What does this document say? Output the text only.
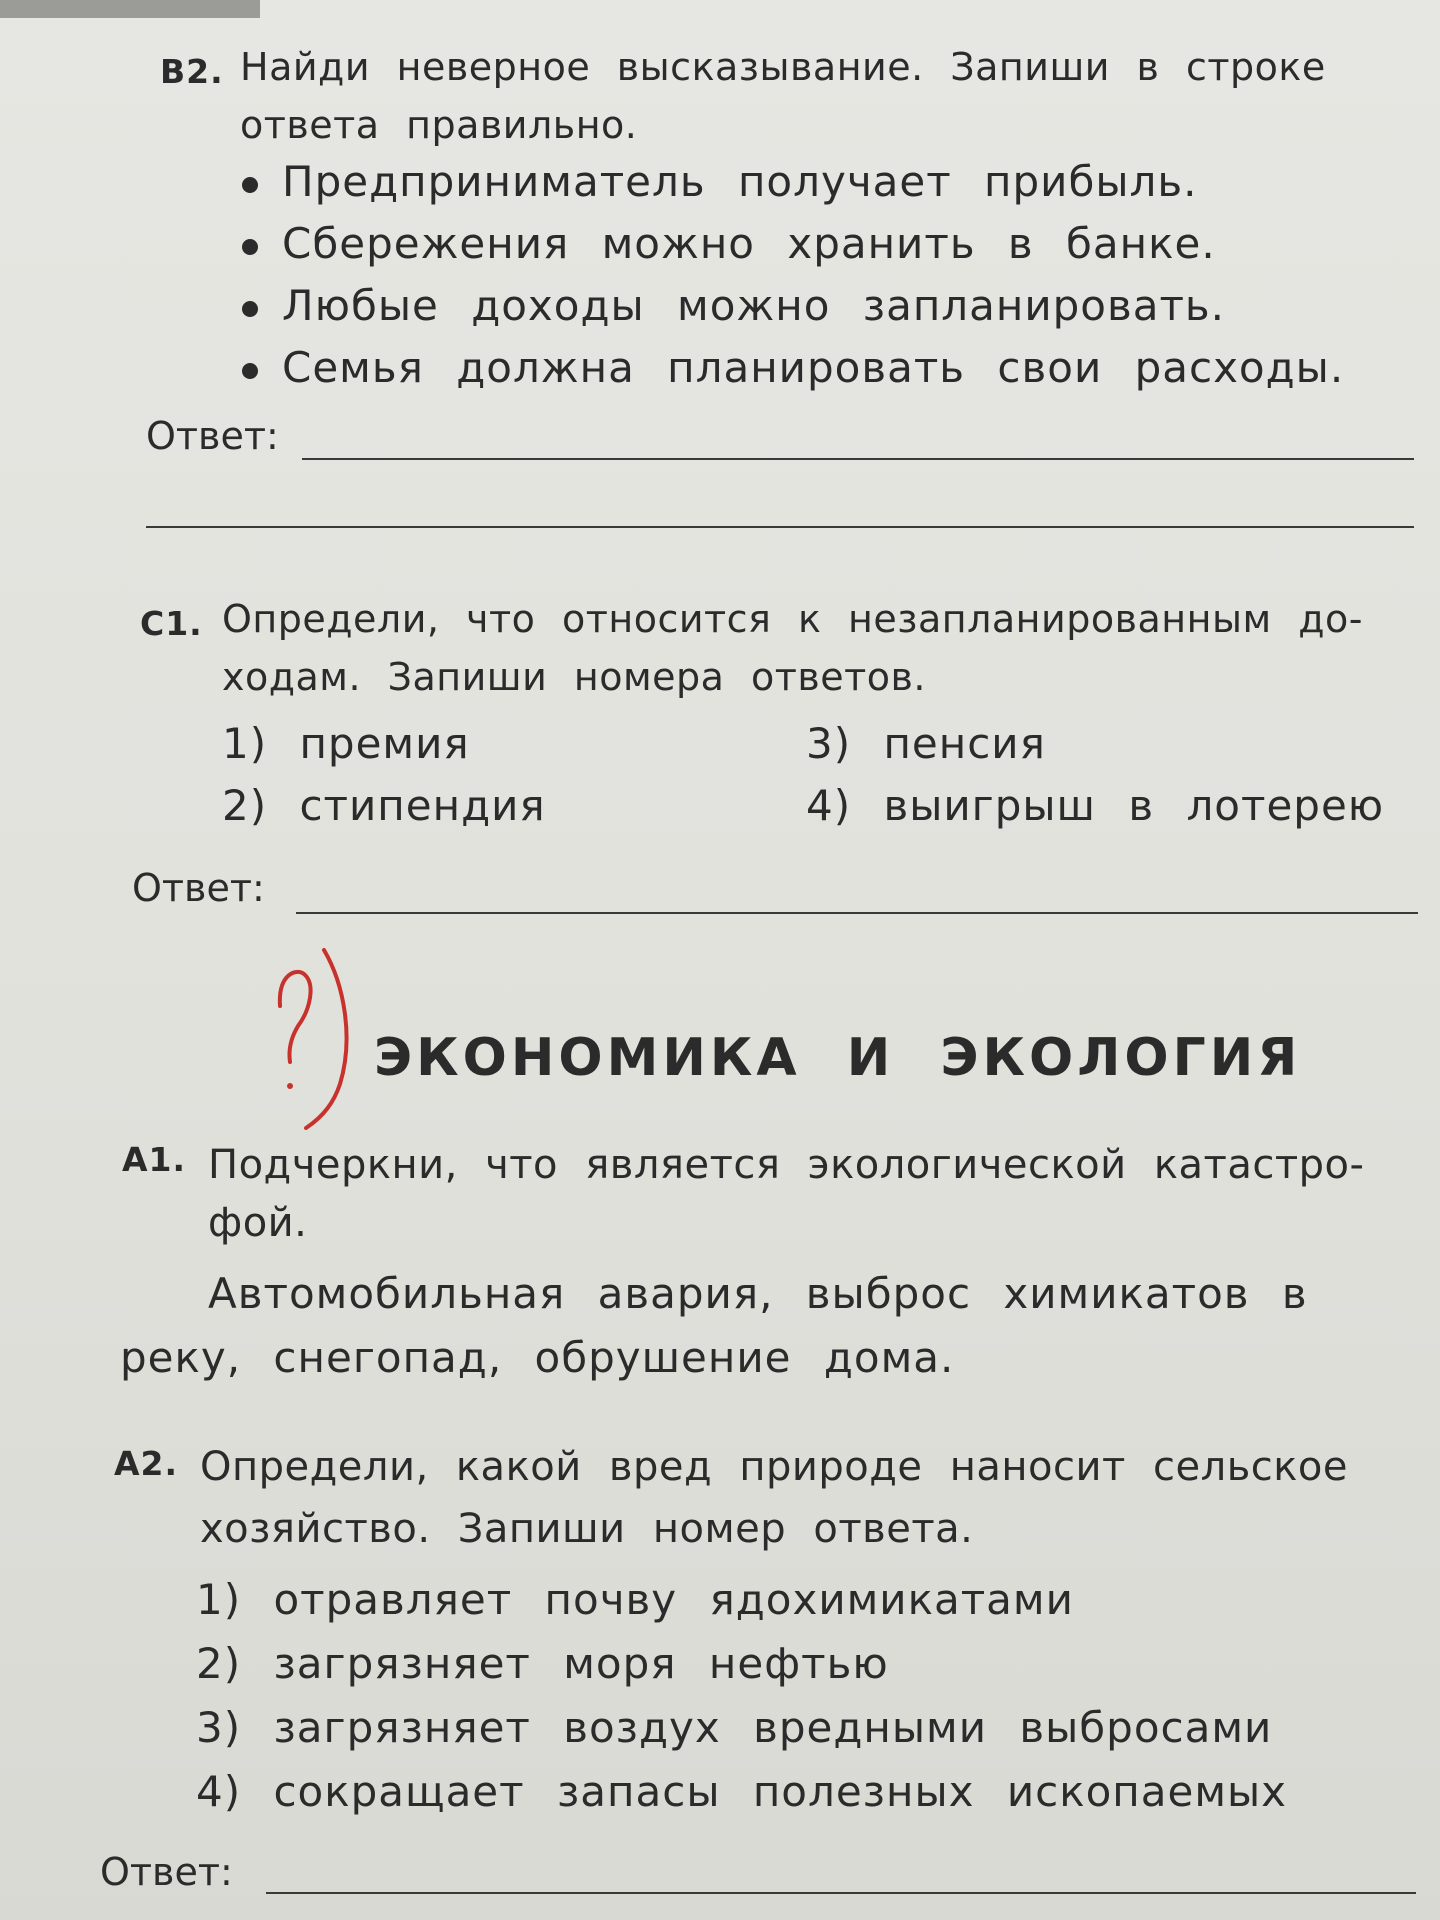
В2. Найди неверное высказывание. Запиши в строке
ответа правильно.
Предприниматель получает прибыль.
Сбережения можно хранить в банке.
Любые доходы можно запланировать.
Семья должна планировать свои расходы.
Ответ:
С1. Определи, что относится к незапланированным до-
ходам. Запиши номера ответов.
1) премия
2) стипендия
3) пенсия
4) выигрыш в лотерею
Ответ:
ЭКОНОМИКА И ЭКОЛОГИЯ
А1. Подчеркни, что является экологической катастро-
фой.
Автомобильная авария, выброс химикатов в
реку, снегопад, обрушение дома.
А2. Определи, какой вред природе наносит сельское
хозяйство. Запиши номер ответа.
1) отравляет почву ядохимикатами
2) загрязняет моря нефтью
3) загрязняет воздух вредными выбросами
4) сокращает запасы полезных ископаемых
Ответ:
